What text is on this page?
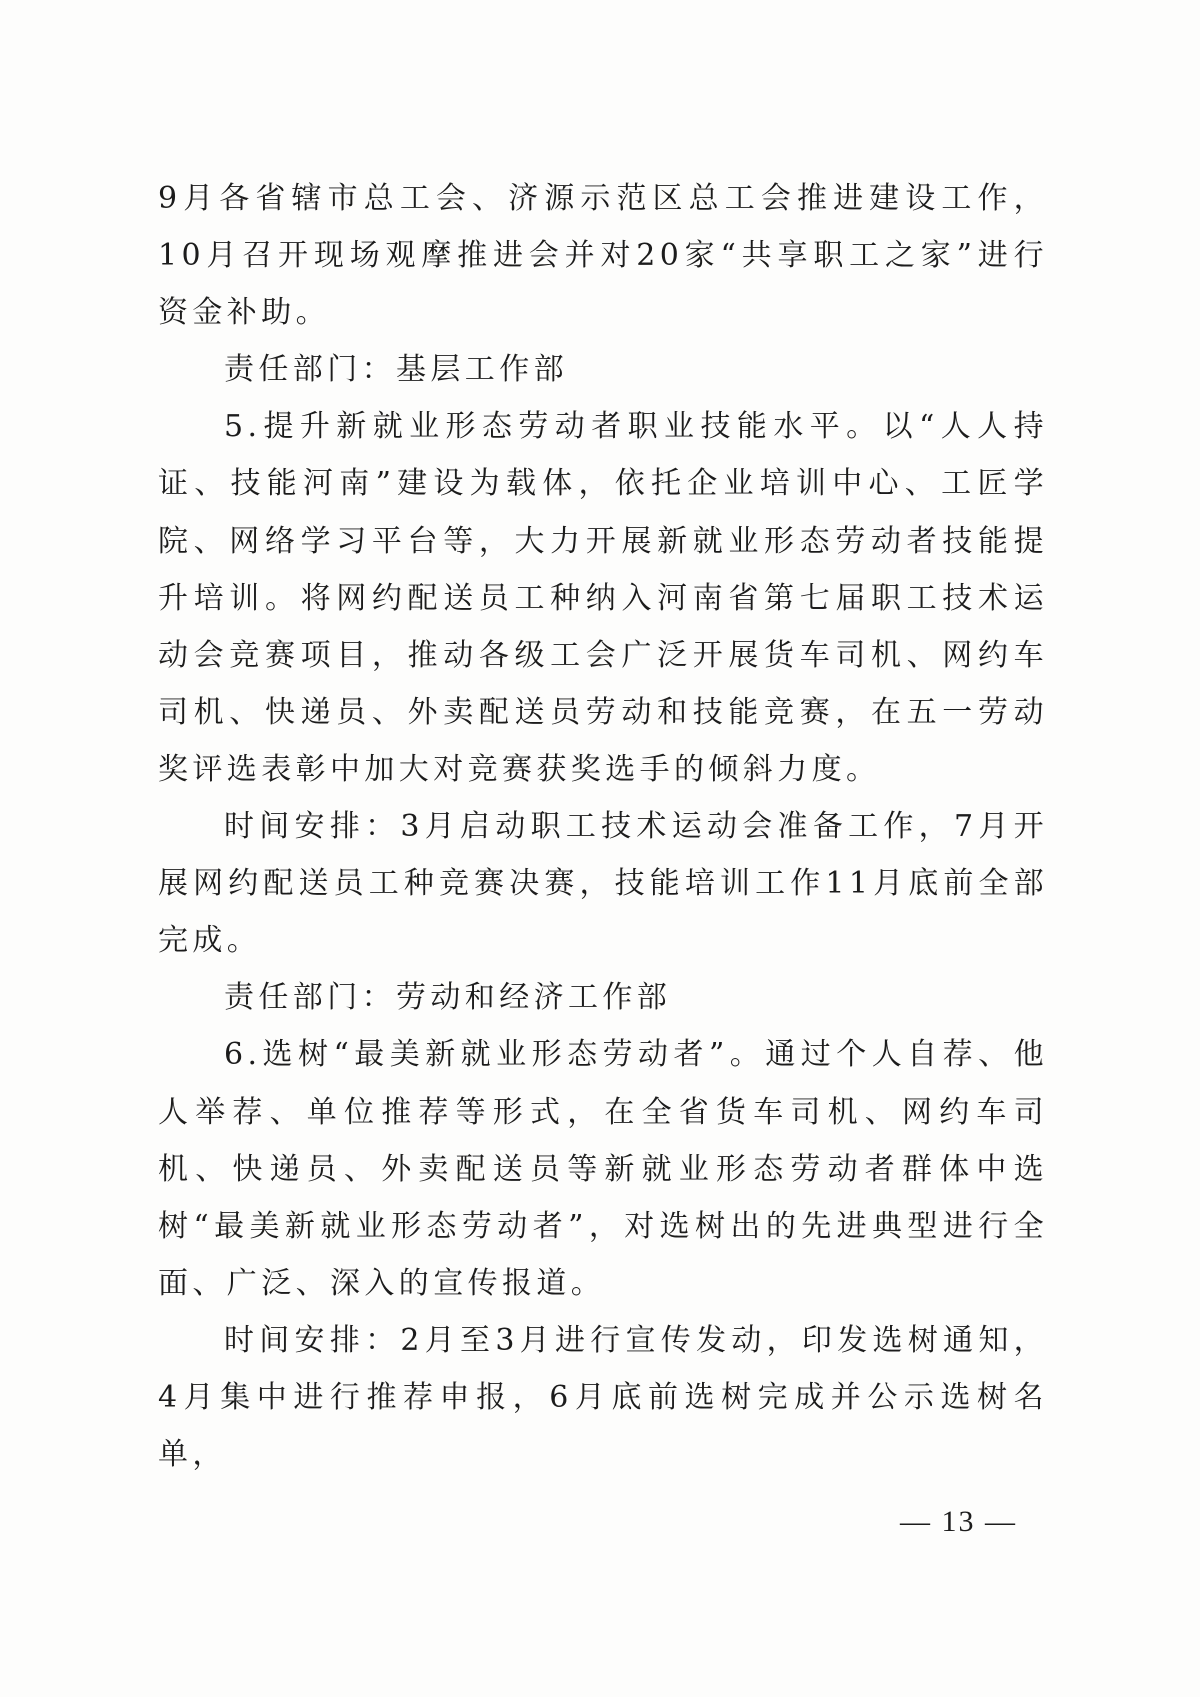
9月各省辖市总工会、济源示范区总工会推进建设工作，10月召开现场观摩推进会并对20家“共享职工之家”进行资金补助。

责任部门：基层工作部

5.提升新就业形态劳动者职业技能水平。以“人人持证、技能河南”建设为载体，依托企业培训中心、工匠学院、网络学习平台等，大力开展新就业形态劳动者技能提升培训。将网约配送员工种纳入河南省第七届职工技术运动会竞赛项目，推动各级工会广泛开展货车司机、网约车司机、快递员、外卖配送员劳动和技能竞赛，在五一劳动奖评选表彰中加大对竞赛获奖选手的倾斜力度。

时间安排：3月启动职工技术运动会准备工作，7月开展网约配送员工种竞赛决赛，技能培训工作11月底前全部完成。

责任部门：劳动和经济工作部

6.选树“最美新就业形态劳动者”。通过个人自荐、他人举荐、单位推荐等形式，在全省货车司机、网约车司机、快递员、外卖配送员等新就业形态劳动者群体中选树“最美新就业形态劳动者”，对选树出的先进典型进行全面、广泛、深入的宣传报道。

时间安排：2月至3月进行宣传发动，印发选树通知，4月集中进行推荐申报，6月底前选树完成并公示选树名单，

— 13 —
